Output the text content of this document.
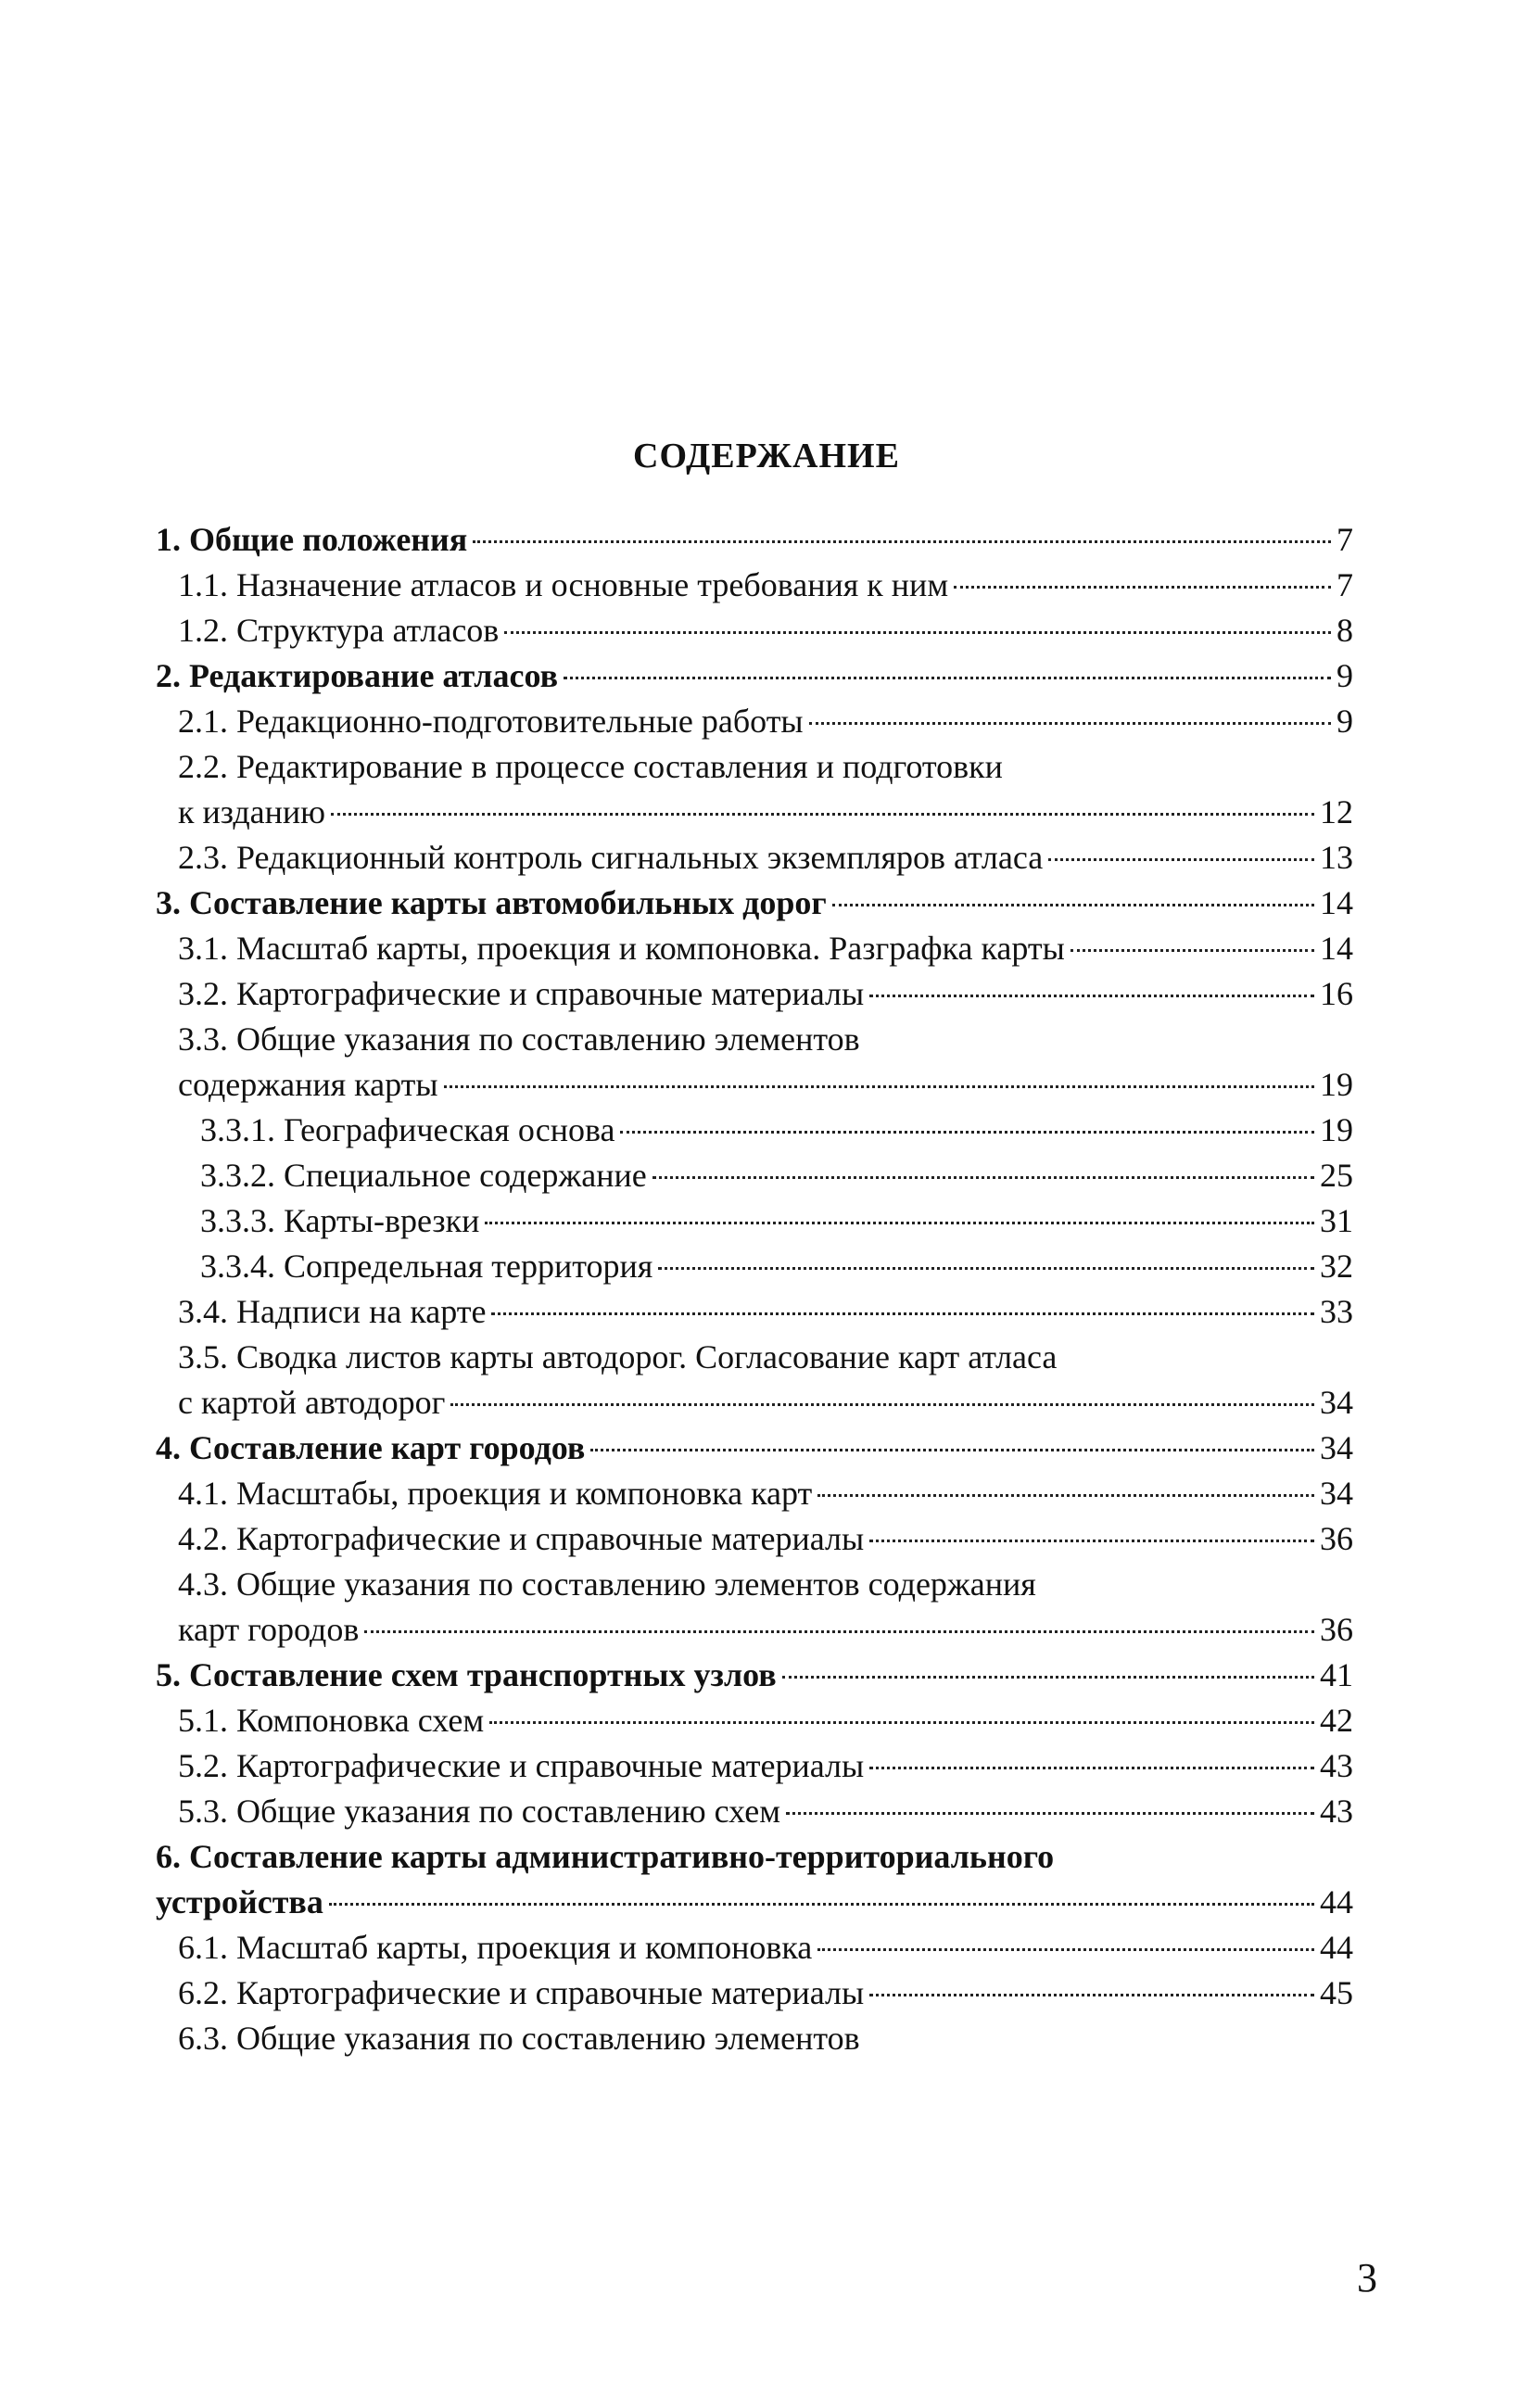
СОДЕРЖАНИЕ
1. Общие положения	7
1.1. Назначение атласов и основные требования к ним	7
1.2. Структура атласов	8
2. Редактирование атласов	9
2.1. Редакционно-подготовительные работы	9
2.2. Редактирование в процессе составления и подготовки
к изданию	12
2.3. Редакционный контроль сигнальных экземпляров атласа	13
3. Составление карты автомобильных дорог	14
3.1. Масштаб карты, проекция и компоновка. Разграфка карты	14
3.2. Картографические и справочные материалы	16
3.3. Общие указания по составлению элементов
содержания карты	19
3.3.1. Географическая основа	19
3.3.2. Специальное содержание	25
3.3.3. Карты-врезки	31
3.3.4. Сопредельная территория	32
3.4. Надписи на карте	33
3.5. Сводка листов карты автодорог. Согласование карт атласа
с картой автодорог	34
4. Составление карт городов	34
4.1. Масштабы, проекция и компоновка карт	34
4.2. Картографические и справочные материалы	36
4.3. Общие указания по составлению элементов содержания
карт городов	36
5. Составление схем транспортных узлов	41
5.1. Компоновка схем	42
5.2. Картографические и справочные материалы	43
5.3. Общие указания по составлению схем	43
6. Составление карты административно-территориального
устройства	44
6.1. Масштаб карты, проекция и компоновка	44
6.2. Картографические и справочные материалы	45
6.3. Общие указания по составлению элементов
3
